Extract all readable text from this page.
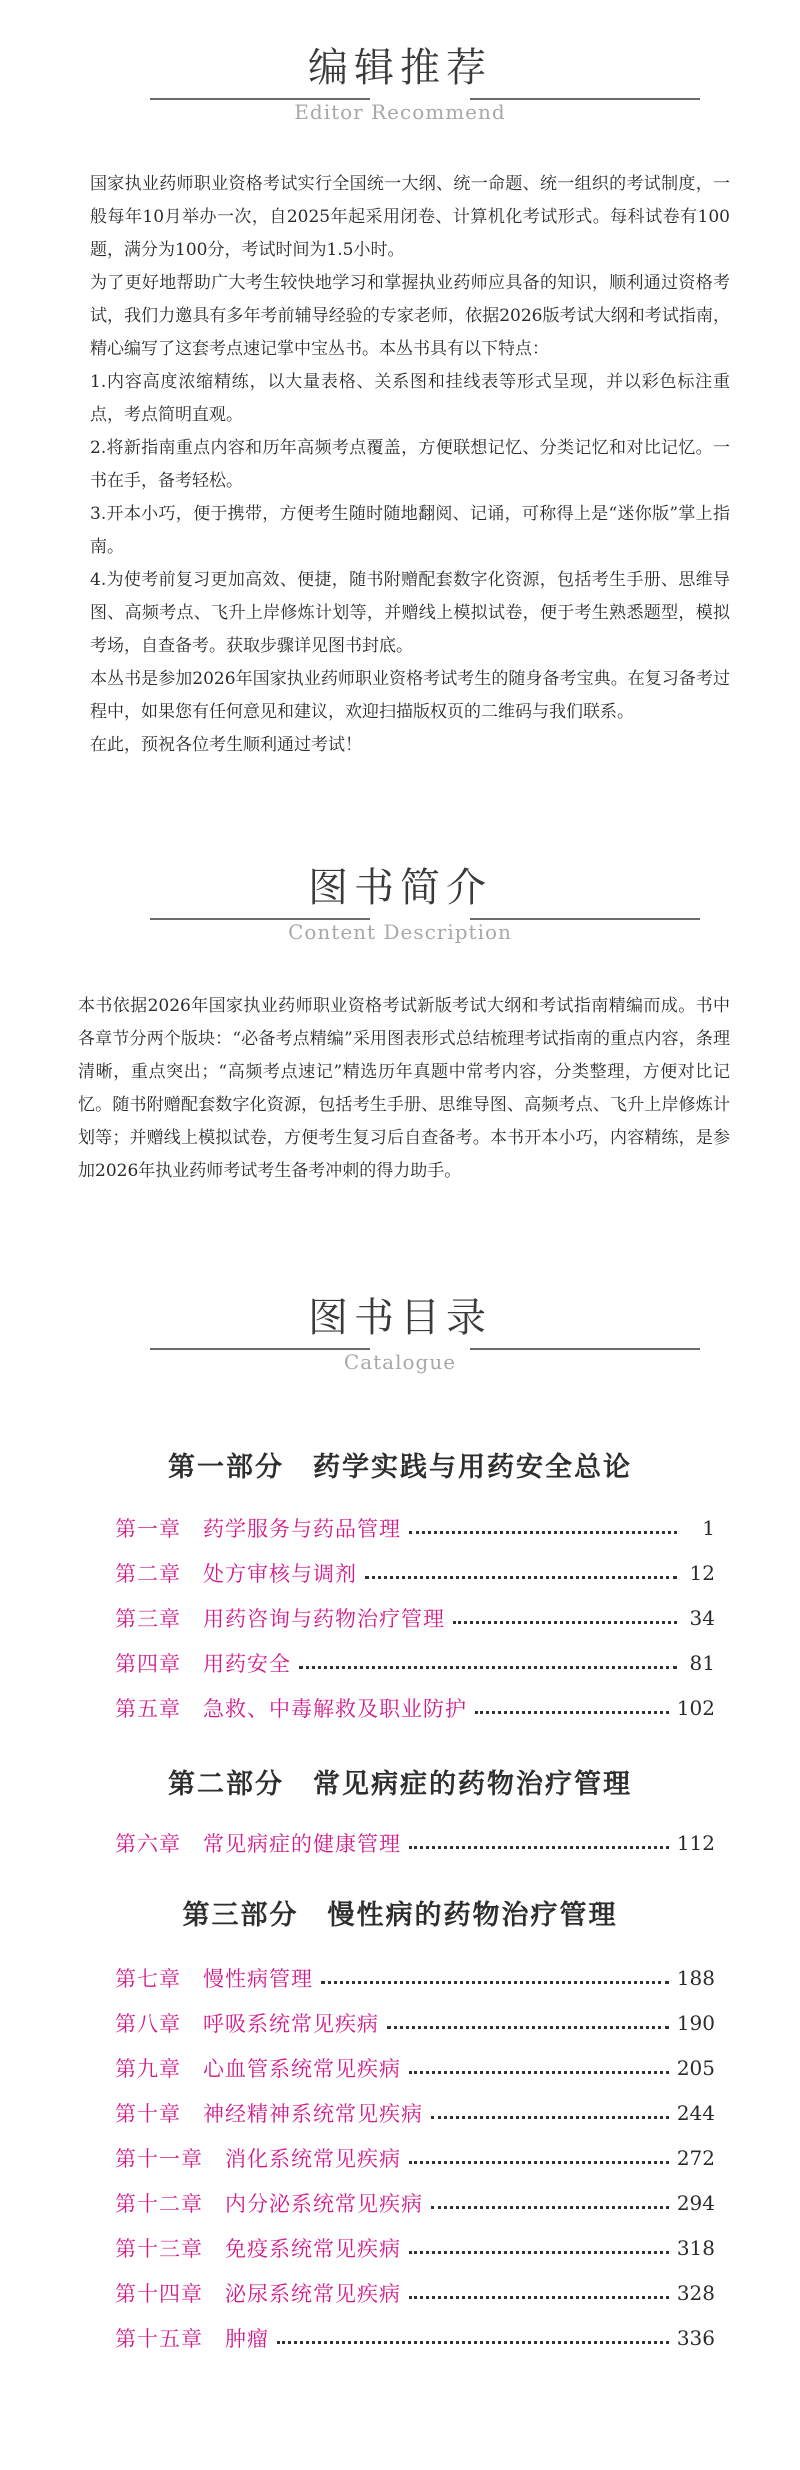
编辑推荐
Editor Recommend

国家执业药师职业资格考试实行全国统一大纲、统一命题、统一组织的考试制度，一般每年10月举办一次，自2025年起采用闭卷、计算机化考试形式。每科试卷有100题，满分为100分，考试时间为1.5小时。

为了更好地帮助广大考生较快地学习和掌握执业药师应具备的知识，顺利通过资格考试，我们力邀具有多年考前辅导经验的专家老师，依据2026版考试大纲和考试指南，精心编写了这套考点速记掌中宝丛书。本丛书具有以下特点：

1.内容高度浓缩精练，以大量表格、关系图和挂线表等形式呈现，并以彩色标注重点，考点简明直观。

2.将新指南重点内容和历年高频考点覆盖，方便联想记忆、分类记忆和对比记忆。一书在手，备考轻松。

3.开本小巧，便于携带，方便考生随时随地翻阅、记诵，可称得上是“迷你版”掌上指南。

4.为使考前复习更加高效、便捷，随书附赠配套数字化资源，包括考生手册、思维导图、高频考点、飞升上岸修炼计划等，并赠线上模拟试卷，便于考生熟悉题型，模拟考场，自查备考。获取步骤详见图书封底。

本丛书是参加2026年国家执业药师职业资格考试考生的随身备考宝典。在复习备考过程中，如果您有任何意见和建议，欢迎扫描版权页的二维码与我们联系。

在此，预祝各位考生顺利通过考试！

图书简介
Content Description

本书依据2026年国家执业药师职业资格考试新版考试大纲和考试指南精编而成。书中各章节分两个版块：“必备考点精编”采用图表形式总结梳理考试指南的重点内容，条理清晰，重点突出；“高频考点速记”精选历年真题中常考内容，分类整理，方便对比记忆。随书附赠配套数字化资源，包括考生手册、思维导图、高频考点、飞升上岸修炼计划等；并赠线上模拟试卷，方便考生复习后自查备考。本书开本小巧，内容精练，是参加2026年执业药师考试考生备考冲刺的得力助手。

图书目录
Catalogue
第一部分　药学实践与用药安全总论
第一章 药学服务与药品管理	1
第二章 处方审核与调剂	12
第三章 用药咨询与药物治疗管理	34
第四章 用药安全	81
第五章 急救、中毒解救及职业防护	102
第二部分　常见病症的药物治疗管理
第六章 常见病症的健康管理	112
第三部分　慢性病的药物治疗管理
第七章 慢性病管理	188
第八章 呼吸系统常见疾病	190
第九章 心血管系统常见疾病	205
第十章 神经精神系统常见疾病	244
第十一章 消化系统常见疾病	272
第十二章 内分泌系统常见疾病	294
第十三章 免疫系统常见疾病	318
第十四章 泌尿系统常见疾病	328
第十五章 肿瘤	336
